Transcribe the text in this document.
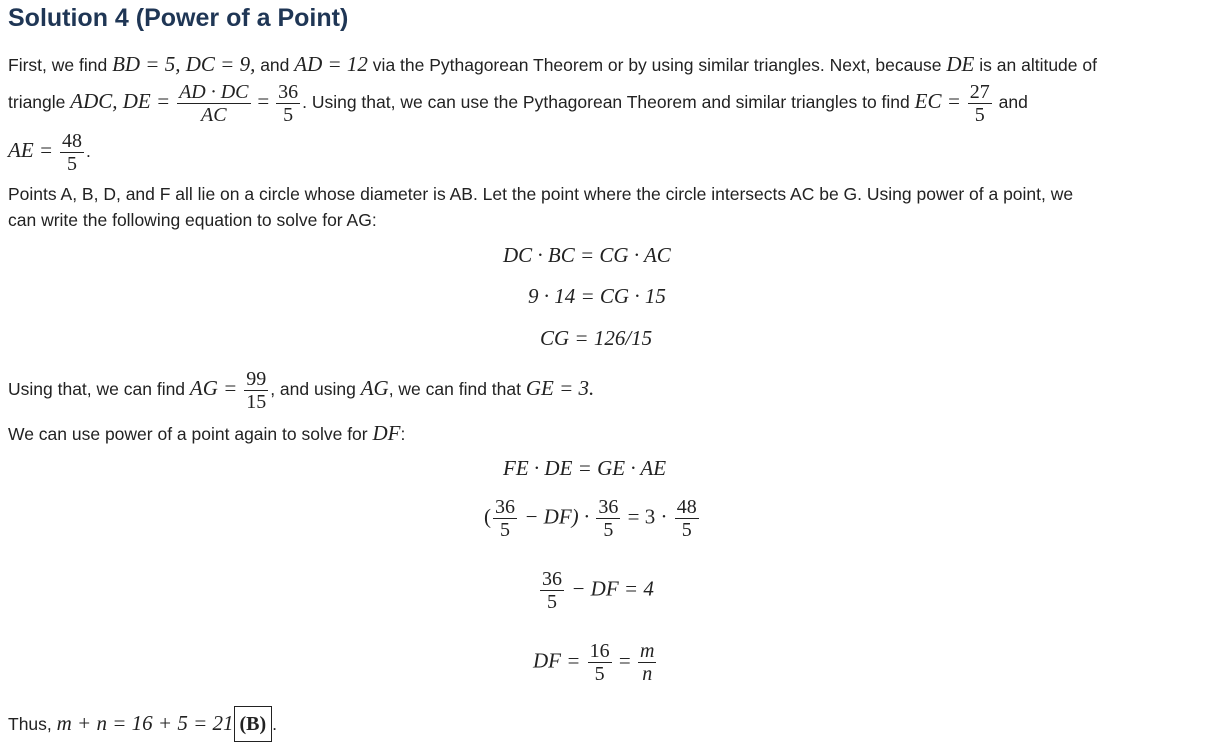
Solution 4 (Power of a Point)
First, we find BD = 5, DC = 9, and AD = 12 via the Pythagorean Theorem or by using similar triangles. Next, because DE is an altitude of
triangle ADC, DE = $\frac{AD \cdot DC}{AC} = \frac{36}{5}$ . Using that, we can use the Pythagorean Theorem and similar triangles to find EC = $\frac{27}{5}$ and
AE = $\frac{48}{5}$ .
Points A, B, D, and F all lie on a circle whose diameter is AB. Let the point where the circle intersects AC be G. Using power of a point, we
can write the following equation to solve for AG:
DC · BC = CG · AC
9 · 14 = CG · 15
CG = 126/15
Using that, we can find AG = $\frac{99}{15}$ , and using AG, we can find that GE = 3.
We can use power of a point again to solve for DF:
FE · DE = GE · AE
( $\frac{36}{5} - DF) \cdot \frac{36}{5} = 3 \cdot \frac{48}{5}$
$\frac{36}{5}$ − DF = 4
DF = $\frac{16}{5} = \frac{m}{n}$
Thus, m + n = 16 + 5 = 21 (B) .
